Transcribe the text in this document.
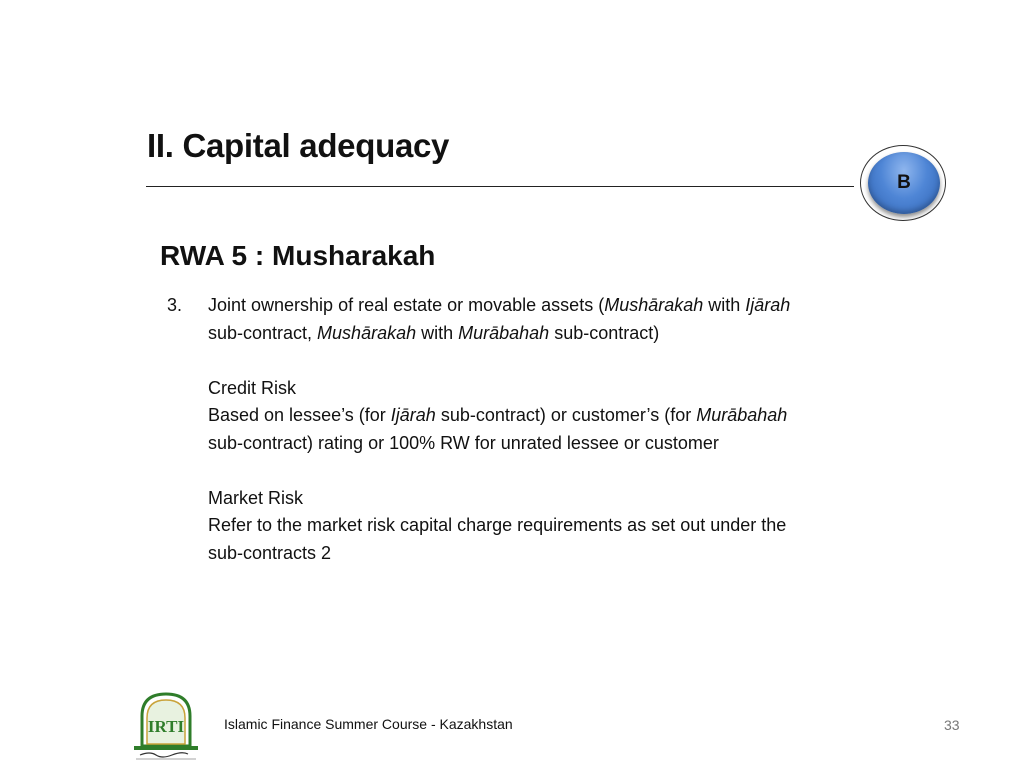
II. Capital adequacy
B
RWA 5 : Musharakah
3. Joint ownership of real estate or movable assets (Mushārakah with Ijārah

sub-contract, Mushārakah with Murābahah sub-contract)

Credit Risk

Based on lessee’s (for Ijārah sub-contract) or customer’s (for Murābahah

sub-contract) rating or 100% RW for unrated lessee or customer

Market Risk

Refer to the market risk capital charge requirements as set out under the

sub-contracts 2

IRTI	Islamic Finance Summer Course - Kazakhstan	33
